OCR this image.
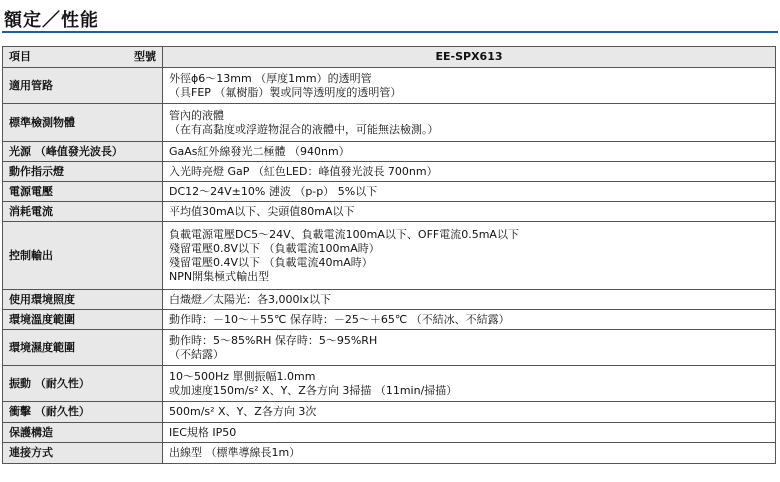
額定／性能
項目 型號	EE-SPX613
適用管路	外徑ϕ6～13mm （厚度1mm）的透明管
（具FEP （氟樹脂）製或同等透明度的透明管）

標準檢測物體	管內的液體
（在有高黏度或浮遊物混合的液體中，可能無法檢測。）

光源 （峰值發光波長）	GaAs紅外線發光二極體 （940nm）

動作指示燈	入光時亮燈 GaP （紅色LED：峰值發光波長 700nm）

電源電壓	DC12～24V±10% 漣波 （p-p） 5%以下

消耗電流	平均值30mA以下、尖頭值80mA以下

控制輸出	負載電源電壓DC5～24V、負載電流100mA以下、OFF電流0.5mA以下
殘留電壓0.8V以下 （負載電流100mA時）
殘留電壓0.4V以下 （負載電流40mA時）
NPN開集極式輸出型

使用環境照度	白熾燈／太陽光：各3,000lx以下

環境溫度範圍	動作時：－10～＋55℃ 保存時：－25～＋65℃ （不結冰、不結露）

環境濕度範圍	動作時：5～85%RH 保存時：5～95%RH
（不結露）

振動 （耐久性）	10～500Hz 單側振幅1.0mm
或加速度150m/s² X、Y、Z各方向 3掃描 （11min/掃描）

衝擊 （耐久性）	500m/s² X、Y、Z各方向 3次

保護構造	IEC規格 IP50

連接方式	出線型 （標準導線長1m）
